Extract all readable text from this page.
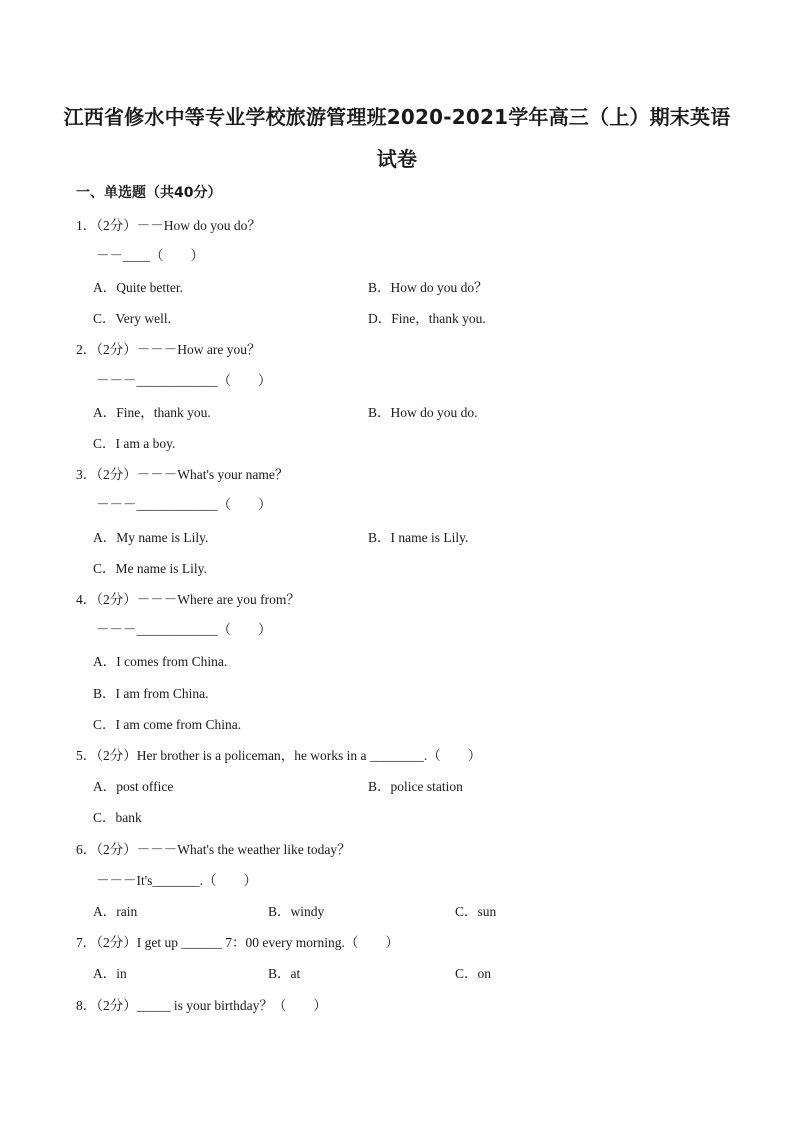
江西省修水中等专业学校旅游管理班2020-2021学年高三（上）期末英语
试卷
一、单选题（共40分）
1．（2分）－－How do you do？
－－____（　　）
A．Quite better.	B．How do you do？
C．Very well.	D．Fine，thank you.
2．（2分）－－－How are you？
－－－____________（　　）
A．Fine，thank you.	B．How do you do.
C．I am a boy.
3．（2分）－－－What's your name？
－－－____________（　　）
A．My name is Lily.	B．I name is Lily.
C．Me name is Lily.
4．（2分）－－－Where are you from？
－－－____________（　　）
A．I comes from China.
B．I am from China.
C．I am come from China.
5．（2分）Her brother is a policeman，he works in a ________.（　　）
A．post office	B．police station
C．bank
6．（2分）－－－What's the weather like today？
－－－It's_______.（　　）
A．rain	B．windy	C．sun
7．（2分）I get up ______ 7：00 every morning.（　　）
A．in	B．at	C．on
8．（2分）_____ is your birthday？（　　）
